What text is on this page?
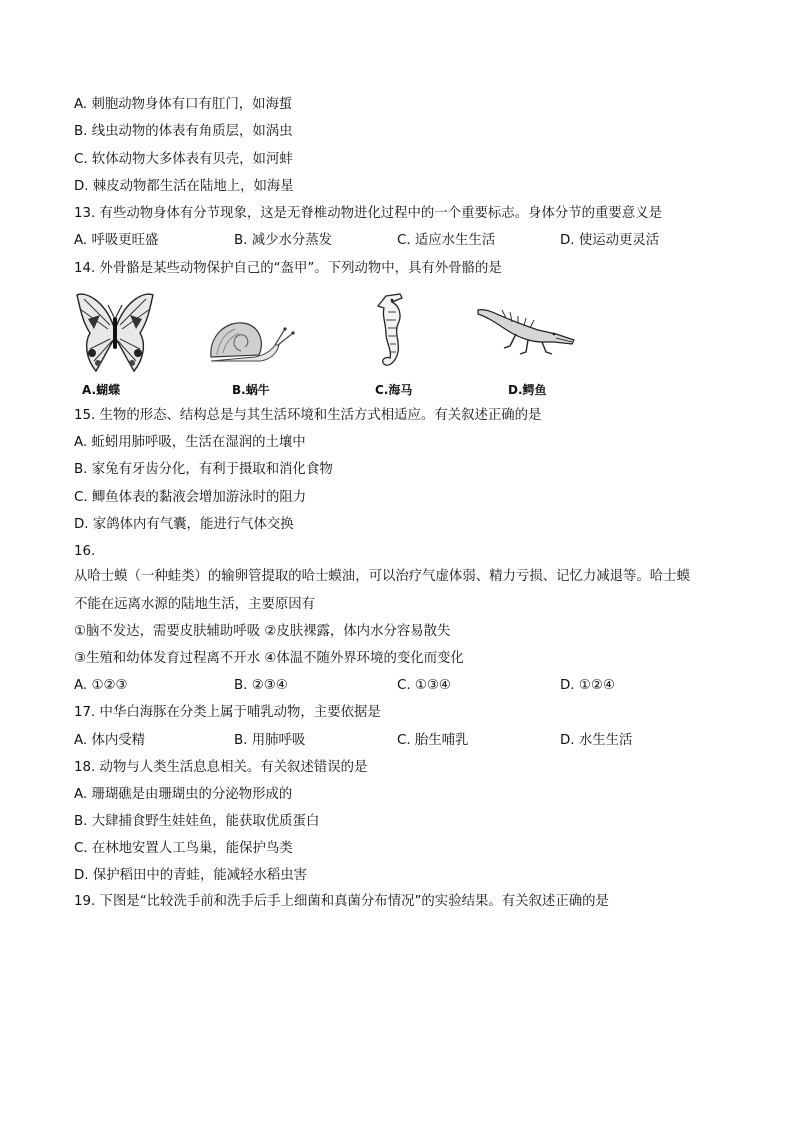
A. 刺胞动物身体有口有肛门，如海蜇
B. 线虫动物的体表有角质层，如涡虫
C. 软体动物大多体表有贝壳，如河蚌
D. 棘皮动物都生活在陆地上，如海星
13. 有些动物身体有分节现象，这是无脊椎动物进化过程中的一个重要标志。身体分节的重要意义是
A. 呼吸更旺盛	B. 减少水分蒸发	C. 适应水生生活	D. 使运动更灵活
14. 外骨骼是某些动物保护自己的“盔甲”。下列动物中，具有外骨骼的是
A.蝴蝶	B.蜗牛	C.海马	D.鳄鱼
15. 生物的形态、结构总是与其生活环境和生活方式相适应。有关叙述正确的是
A. 蚯蚓用肺呼吸，生活在湿润的土壤中
B. 家兔有牙齿分化，有利于摄取和消化食物
C. 鲫鱼体表的黏液会增加游泳时的阻力
D. 家鸽体内有气囊，能进行气体交换
16.
从哈士蟆（一种蛙类）的输卵管提取的哈士蟆油，可以治疗气虚体弱、精力亏损、记忆力减退等。哈士蟆
不能在远离水源的陆地生活，主要原因有
①脑不发达，需要皮肤辅助呼吸 ②皮肤裸露，体内水分容易散失
③生殖和幼体发育过程离不开水 ④体温不随外界环境的变化而变化
A. ①②③	B. ②③④	C. ①③④	D. ①②④
17. 中华白海豚在分类上属于哺乳动物，主要依据是
A. 体内受精	B. 用肺呼吸	C. 胎生哺乳	D. 水生生活
18. 动物与人类生活息息相关。有关叙述错误的是
A. 珊瑚礁是由珊瑚虫的分泌物形成的
B. 大肆捕食野生娃娃鱼，能获取优质蛋白
C. 在林地安置人工鸟巢，能保护鸟类
D. 保护稻田中的青蛙，能减轻水稻虫害
19. 下图是“比较洗手前和洗手后手上细菌和真菌分布情况”的实验结果。有关叙述正确的是
